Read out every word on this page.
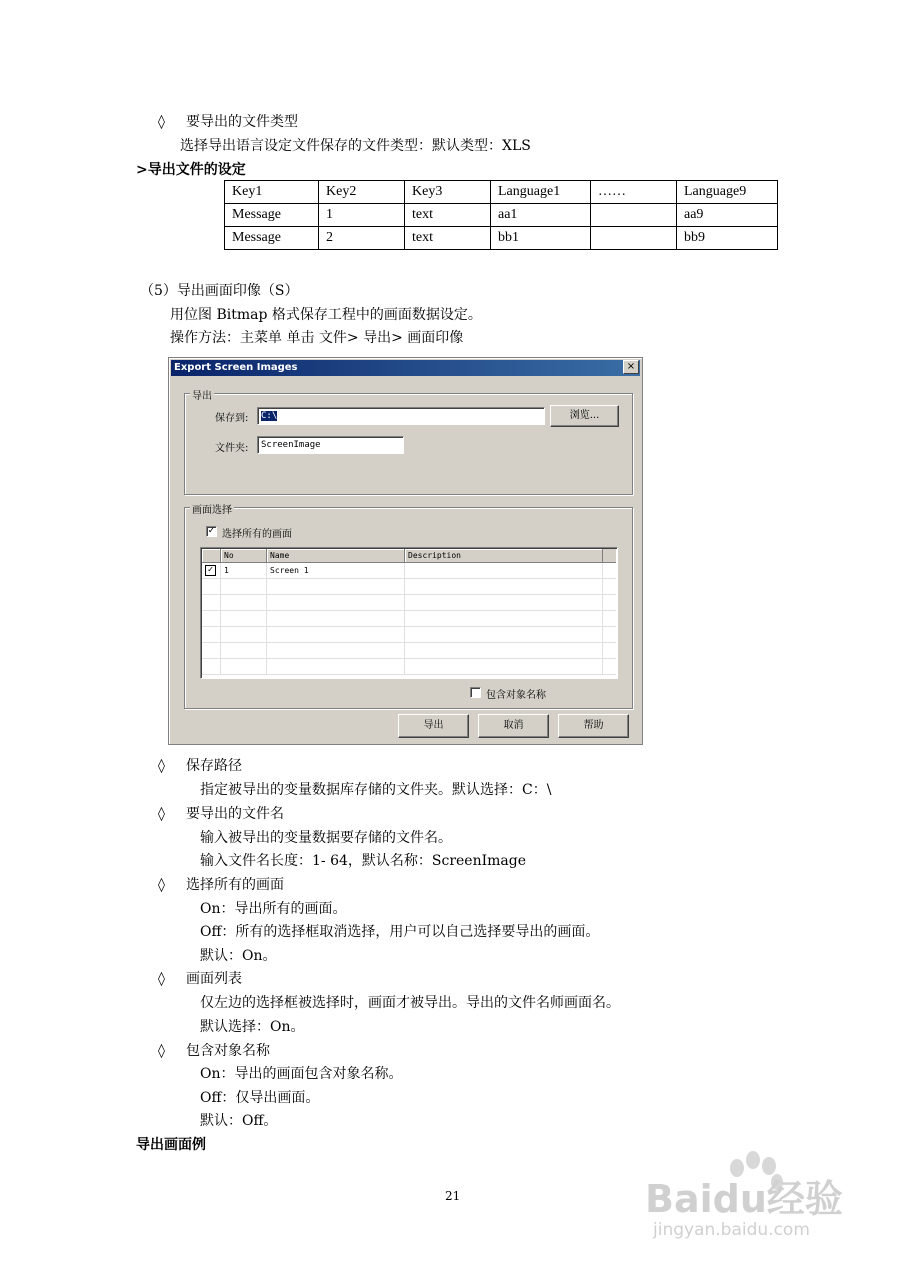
◊ 要导出的文件类型
选择导出语言设定文件保存的文件类型：默认类型：XLS
>导出文件的设定
Key1	Key2	Key3	Language1	……	Language9
Message	1	text	aa1		aa9
Message	2	text	bb1		bb9
（5）导出画面印像（S）
用位图 Bitmap 格式保存工程中的画面数据设定。
操作方法：主菜单 单击 文件> 导出> 画面印像
Export Screen Images	×
导出
保存到:	C:\	浏览...
文件夹:	ScreenImage
画面选择
✓ 选择所有的画面
No	Name	Description
✓	1	Screen 1
包含对象名称
导出	取消	帮助
◊ 保存路径
指定被导出的变量数据库存储的文件夹。默认选择：C：\
◊ 要导出的文件名
输入被导出的变量数据要存储的文件名。
输入文件名长度：1- 64，默认名称：ScreenImage
◊ 选择所有的画面
On：导出所有的画面。
Off：所有的选择框取消选择，用户可以自己选择要导出的画面。
默认：On。
◊ 画面列表
仅左边的选择框被选择时，画面才被导出。导出的文件名师画面名。
默认选择：On。
◊ 包含对象名称
On：导出的画面包含对象名称。
Off：仅导出画面。
默认：Off。
导出画面例
21	Baidu经验
jingyan.baidu.com
